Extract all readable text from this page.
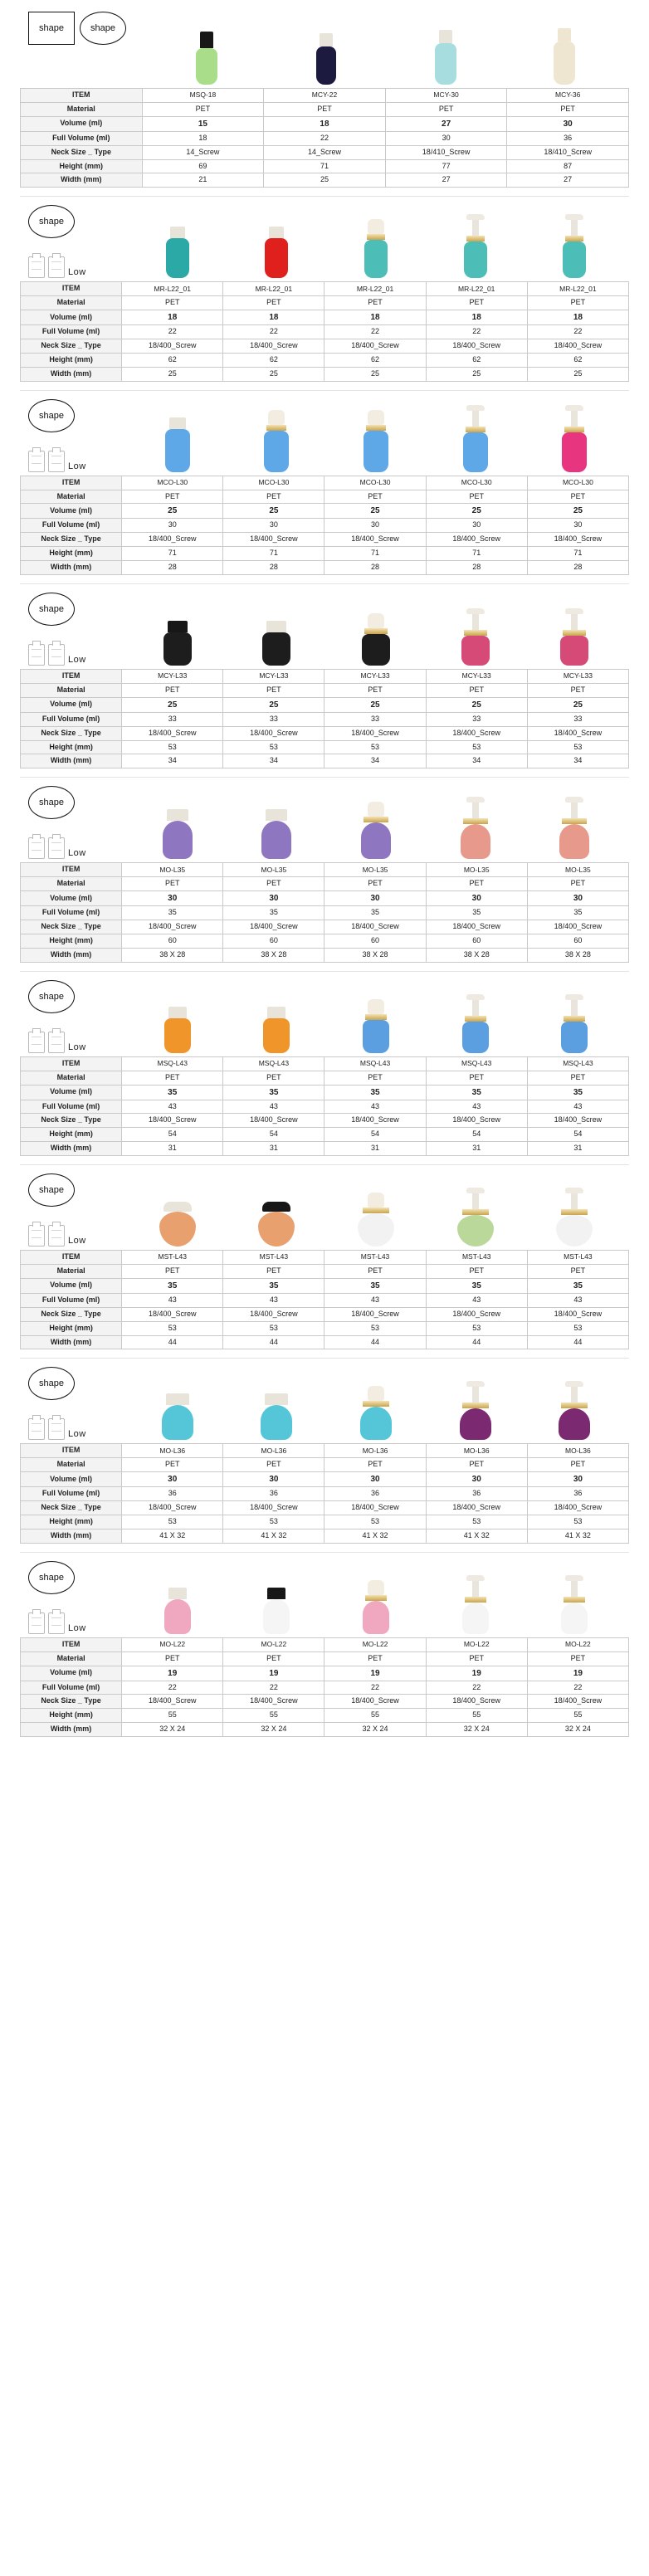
shape	shape
ITEM	MSQ-18	MCY-22	MCY-30	MCY-36
Material	PET	PET	PET	PET
Volume (ml)	15	18	27	30
Full Volume (ml)	18	22	30	36
Neck Size _ Type	14_Screw	14_Screw	18/410_Screw	18/410_Screw
Height (mm)	69	71	77	87
Width (mm)	21	25	27	27
shape
Low
ITEM	MR-L22_01	MR-L22_01	MR-L22_01	MR-L22_01	MR-L22_01
Material	PET	PET	PET	PET	PET
Volume (ml)	18	18	18	18	18
Full Volume (ml)	22	22	22	22	22
Neck Size _ Type	18/400_Screw	18/400_Screw	18/400_Screw	18/400_Screw	18/400_Screw
Height (mm)	62	62	62	62	62
Width (mm)	25	25	25	25	25
shape
Low
ITEM	MCO-L30	MCO-L30	MCO-L30	MCO-L30	MCO-L30
Material	PET	PET	PET	PET	PET
Volume (ml)	25	25	25	25	25
Full Volume (ml)	30	30	30	30	30
Neck Size _ Type	18/400_Screw	18/400_Screw	18/400_Screw	18/400_Screw	18/400_Screw
Height (mm)	71	71	71	71	71
Width (mm)	28	28	28	28	28
shape
Low
ITEM	MCY-L33	MCY-L33	MCY-L33	MCY-L33	MCY-L33
Material	PET	PET	PET	PET	PET
Volume (ml)	25	25	25	25	25
Full Volume (ml)	33	33	33	33	33
Neck Size _ Type	18/400_Screw	18/400_Screw	18/400_Screw	18/400_Screw	18/400_Screw
Height (mm)	53	53	53	53	53
Width (mm)	34	34	34	34	34
shape
Low
ITEM	MO-L35	MO-L35	MO-L35	MO-L35	MO-L35
Material	PET	PET	PET	PET	PET
Volume (ml)	30	30	30	30	30
Full Volume (ml)	35	35	35	35	35
Neck Size _ Type	18/400_Screw	18/400_Screw	18/400_Screw	18/400_Screw	18/400_Screw
Height (mm)	60	60	60	60	60
Width (mm)	38 X 28	38 X 28	38 X 28	38 X 28	38 X 28
shape
Low
ITEM	MSQ-L43	MSQ-L43	MSQ-L43	MSQ-L43	MSQ-L43
Material	PET	PET	PET	PET	PET
Volume (ml)	35	35	35	35	35
Full Volume (ml)	43	43	43	43	43
Neck Size _ Type	18/400_Screw	18/400_Screw	18/400_Screw	18/400_Screw	18/400_Screw
Height (mm)	54	54	54	54	54
Width (mm)	31	31	31	31	31
shape
Low
ITEM	MST-L43	MST-L43	MST-L43	MST-L43	MST-L43
Material	PET	PET	PET	PET	PET
Volume (ml)	35	35	35	35	35
Full Volume (ml)	43	43	43	43	43
Neck Size _ Type	18/400_Screw	18/400_Screw	18/400_Screw	18/400_Screw	18/400_Screw
Height (mm)	53	53	53	53	53
Width (mm)	44	44	44	44	44
shape
Low
ITEM	MO-L36	MO-L36	MO-L36	MO-L36	MO-L36
Material	PET	PET	PET	PET	PET
Volume (ml)	30	30	30	30	30
Full Volume (ml)	36	36	36	36	36
Neck Size _ Type	18/400_Screw	18/400_Screw	18/400_Screw	18/400_Screw	18/400_Screw
Height (mm)	53	53	53	53	53
Width (mm)	41 X 32	41 X 32	41 X 32	41 X 32	41 X 32
shape
Low
ITEM	MO-L22	MO-L22	MO-L22	MO-L22	MO-L22
Material	PET	PET	PET	PET	PET
Volume (ml)	19	19	19	19	19
Full Volume (ml)	22	22	22	22	22
Neck Size _ Type	18/400_Screw	18/400_Screw	18/400_Screw	18/400_Screw	18/400_Screw
Height (mm)	55	55	55	55	55
Width (mm)	32 X 24	32 X 24	32 X 24	32 X 24	32 X 24
